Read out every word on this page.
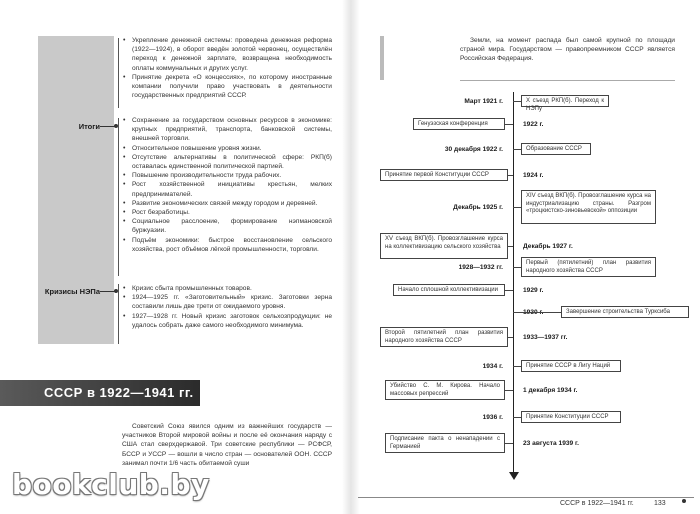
Итоги
Кризисы НЭПа
• Укрепление денежной системы: проведена денежная реформа (1922—1924), в оборот введён золотой червонец, осуществлён переход к денежной зарплате, возвращена необходимость оплаты коммунальных и других услуг.
• Принятие декрета «О концессиях», по которому иностранные компании получили право участвовать в деятельности государственных предприятий СССР.
• Сохранение за государством основных ресурсов в экономике: крупных предприятий, транспорта, банковской системы, внешней торговли.
• Относительное повышение уровня жизни.
• Отсутствие альтернативы в политической сфере: РКП(б) оставалась единственной политической партией.
• Повышение производительности труда рабочих.
• Рост хозяйственной инициативы крестьян, мелких предпринимателей.
• Развитие экономических связей между городом и деревней.
• Рост безработицы.
• Социальное расслоение, формирование нэпмановской буржуазии.
• Подъём экономики: быстрое восстановление сельского хозяйства, рост объёмов лёгкой промышленности, торговли.
• Кризис сбыта промышленных товаров.
• 1924—1925 гг. «Заготовительный» кризис. Заготовки зерна составили лишь две трети от ожидаемого уровня.
• 1927—1928 гг. Новый кризис заготовок сельхозпродукции: не удалось собрать даже самого необходимого минимума.
СССР в 1922—1941 гг.

Советский Союз явился одним из важнейших государств — участников Второй мировой войны и после её окончания наряду с США стал сверхдержавой. Три советские республики — РСФСР, БССР и УССР — вошли в число стран — основателей ООН. СССР занимал почти 1/6 часть обитаемой суши

Земли, на момент распада был самой крупной по площади страной мира. Государством — правопреемником СССР является Российская Федерация.

Март 1921 г.	X съезд РКП(б). Переход к НЭПу
1922 г.
Генуэзская конференция
30 декабря 1922 г.	Образование СССР
1924 г.
Принятие первой Конституции СССР
Декабрь 1925 г.
XIV съезд ВКП(б). Провозглашение курса на индустриализацию страны. Разгром «троцкистско-зиновьевской» оппозиции
Декабрь 1927 г.
XV съезд ВКП(б). Провозглашение курса на коллективизацию сельского хозяйства
1928—1932 гг.
Первый (пятилетний) план развития народного хозяйства СССР
1929 г.
Начало сплошной коллективизации
Завершение строительства Турксиба
1933—1937 гг.
Второй пятилетний план развития народного хозяйства СССР
1934 г.	Принятие СССР в Лигу Наций
1 декабря 1934 г.
Убийство С. М. Кирова. Начало массовых репрессий
1936 г.	Принятие Конституции СССР
23 августа 1939 г.
Подписание пакта о ненападении с Германией
СССР в 1922—1941 гг.	133
bookclub.by
